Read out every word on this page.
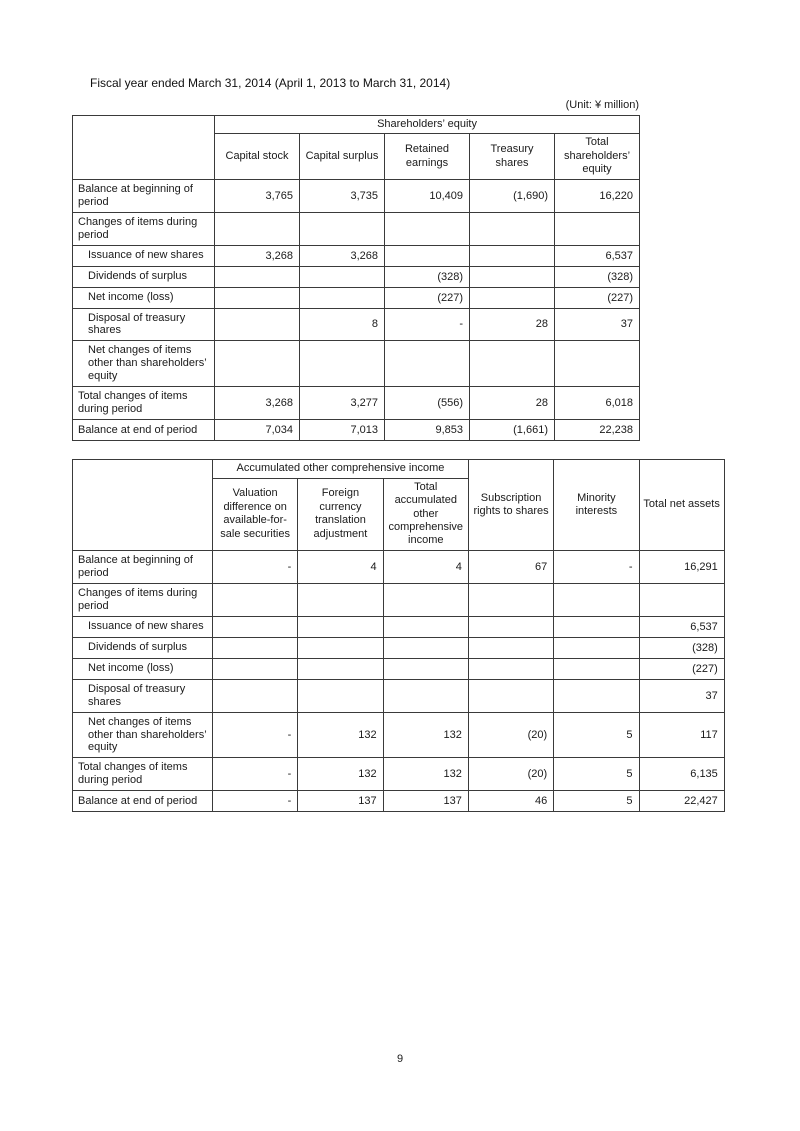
Fiscal year ended March 31, 2014 (April 1, 2013 to March 31, 2014)
(Unit: ¥ million)
	Shareholders’ equity				
	Capital stock	Capital surplus	Retained earnings	Treasury shares	Total shareholders’ equity
Balance at beginning of period	3,765	3,735	10,409	(1,690)	16,220
Changes of items during period					
Issuance of new shares	3,268	3,268			6,537
Dividends of surplus			(328)		(328)
Net income (loss)			(227)		(227)
Disposal of treasury shares		8	-	28	37
Net changes of items other than shareholders’ equity					
Total changes of items during period	3,268	3,277	(556)	28	6,018
Balance at end of period	7,034	7,013	9,853	(1,661)	22,238
	Accumulated other comprehensive income			Subscription rights to shares	Minority interests	Total net assets
	Valuation difference on available-for-sale securities	Foreign currency translation adjustment	Total accumulated other comprehensive income			
Balance at beginning of period	-	4	4	67	-	16,291
Changes of items during period						
Issuance of new shares						6,537
Dividends of surplus						(328)
Net income (loss)						(227)
Disposal of treasury shares						37
Net changes of items other than shareholders’ equity	-	132	132	(20)	5	117
Total changes of items during period	-	132	132	(20)	5	6,135
Balance at end of period	-	137	137	46	5	22,427
9
